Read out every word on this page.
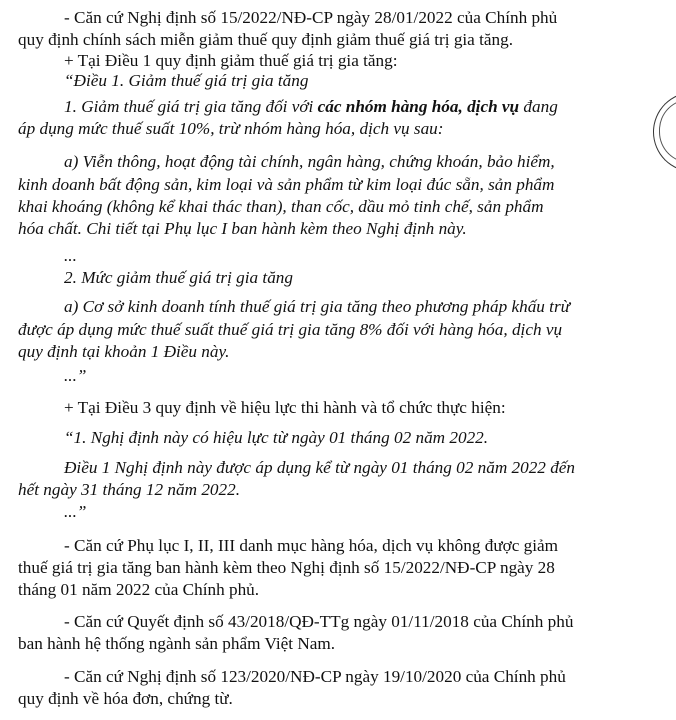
- Căn cứ Nghị định số 15/2022/NĐ-CP ngày 28/01/2022 của Chính phủ
quy định chính sách miễn giảm thuế quy định giảm thuế giá trị gia tăng.
+ Tại Điều 1 quy định giảm thuế giá trị gia tăng:
“Điều 1. Giảm thuế giá trị gia tăng
1. Giảm thuế giá trị gia tăng đối với các nhóm hàng hóa, dịch vụ đang
áp dụng mức thuế suất 10%, trừ nhóm hàng hóa, dịch vụ sau:
a) Viễn thông, hoạt động tài chính, ngân hàng, chứng khoán, bảo hiểm,
kinh doanh bất động sản, kim loại và sản phẩm từ kim loại đúc sẵn, sản phẩm
khai khoáng (không kể khai thác than), than cốc, dầu mỏ tinh chế, sản phẩm
hóa chất. Chi tiết tại Phụ lục I ban hành kèm theo Nghị định này.
...
2. Mức giảm thuế giá trị gia tăng
a) Cơ sở kinh doanh tính thuế giá trị gia tăng theo phương pháp khấu trừ
được áp dụng mức thuế suất thuế giá trị gia tăng 8% đối với hàng hóa, dịch vụ
quy định tại khoản 1 Điều này.
...”
+ Tại Điều 3 quy định về hiệu lực thi hành và tổ chức thực hiện:
“1. Nghị định này có hiệu lực từ ngày 01 tháng 02 năm 2022.
Điều 1 Nghị định này được áp dụng kể từ ngày 01 tháng 02 năm 2022 đến
hết ngày 31 tháng 12 năm 2022.
...”
- Căn cứ Phụ lục I, II, III danh mục hàng hóa, dịch vụ không được giảm
thuế giá trị gia tăng ban hành kèm theo Nghị định số 15/2022/NĐ-CP ngày 28
tháng 01 năm 2022 của Chính phủ.
- Căn cứ Quyết định số 43/2018/QĐ-TTg ngày 01/11/2018 của Chính phủ
ban hành hệ thống ngành sản phẩm Việt Nam.
- Căn cứ Nghị định số 123/2020/NĐ-CP ngày 19/10/2020 của Chính phủ
quy định về hóa đơn, chứng từ.
